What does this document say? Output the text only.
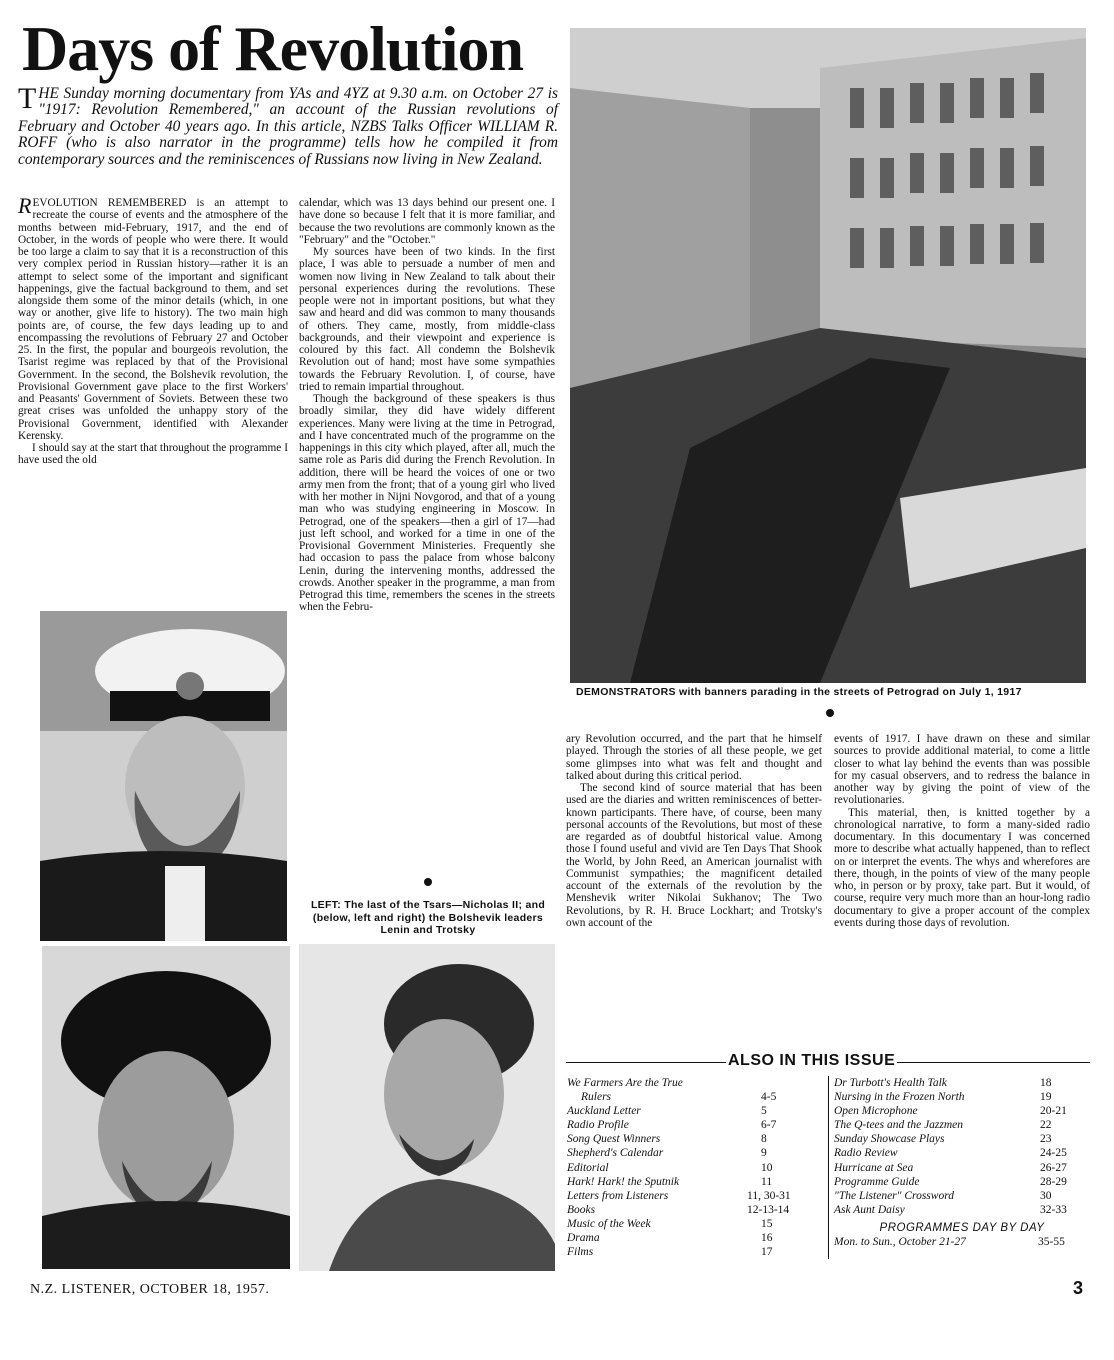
Days of Revolution
THE Sunday morning documentary from YAs and 4YZ at 9.30 a.m. on October 27 is "1917: Revolution Remembered," an account of the Russian revolutions of February and October 40 years ago. In this article, NZBS Talks Officer WILLIAM R. ROFF (who is also narrator in the programme) tells how he compiled it from contemporary sources and the reminiscences of Russians now living in New Zealand.

REVOLUTION REMEMBERED is an attempt to recreate the course of events and the atmosphere of the months between mid-February, 1917, and the end of October, in the words of people who were there. It would be too large a claim to say that it is a reconstruction of this very complex period in Russian history—rather it is an attempt to select some of the important and significant happenings, give the factual background to them, and set alongside them some of the minor details (which, in one way or another, give life to history). The two main high points are, of course, the few days leading up to and encompassing the revolutions of February 27 and October 25. In the first, the popular and bourgeois revolution, the Tsarist regime was replaced by that of the Provisional Government. In the second, the Bolshevik revolution, the Provisional Government gave place to the first Workers' and Peasants' Government of Soviets. Between these two great crises was unfolded the unhappy story of the Provisional Government, identified with Alexander Kerensky.

I should say at the start that throughout the programme I have used the old

calendar, which was 13 days behind our present one. I have done so because I felt that it is more familiar, and because the two revolutions are commonly known as the "February" and the "October."

My sources have been of two kinds. In the first place, I was able to persuade a number of men and women now living in New Zealand to talk about their personal experiences during the revolutions. These people were not in important positions, but what they saw and heard and did was common to many thousands of others. They came, mostly, from middle-class backgrounds, and their viewpoint and experience is coloured by this fact. All condemn the Bolshevik Revolution out of hand; most have some sympathies towards the February Revolution. I, of course, have tried to remain impartial throughout.

Though the background of these speakers is thus broadly similar, they did have widely different experiences. Many were living at the time in Petrograd, and I have concentrated much of the programme on the happenings in this city which played, after all, much the same role as Paris did during the French Revolution. In addition, there will be heard the voices of one or two army men from the front; that of a young girl who lived with her mother in Nijni Novgorod, and that of a young man who was studying engineering in Moscow. In Petrograd, one of the speakers—then a girl of 17—had just left school, and worked for a time in one of the Provisional Government Ministeries. Frequently she had occasion to pass the palace from whose balcony Lenin, during the intervening months, addressed the crowds. Another speaker in the programme, a man from Petrograd this time, remembers the scenes in the streets when the Febru-

LEFT: The last of the Tsars—Nicholas II; and (below, left and right) the Bolshevik leaders Lenin and Trotsky
DEMONSTRATORS with banners parading in the streets of Petrograd on July 1, 1917

ary Revolution occurred, and the part that he himself played. Through the stories of all these people, we get some glimpses into what was felt and thought and talked about during this critical period.

The second kind of source material that has been used are the diaries and written reminiscences of better-known participants. There have, of course, been many personal accounts of the Revolutions, but most of these are regarded as of doubtful historical value. Among those I found useful and vivid are Ten Days That Shook the World, by John Reed, an American journalist with Communist sympathies; the magnificent detailed account of the externals of the revolution by the Menshevik writer Nikolai Sukhanov; The Two Revolutions, by R. H. Bruce Lockhart; and Trotsky's own account of the

events of 1917. I have drawn on these and similar sources to provide additional material, to come a little closer to what lay behind the events than was possible for my casual observers, and to redress the balance in another way by giving the point of view of the revolutionaries.

This material, then, is knitted together by a chronological narrative, to form a many-sided radio documentary. In this documentary I was concerned more to describe what actually happened, than to reflect on or interpret the events. The whys and wherefores are there, though, in the points of view of the many people who, in person or by proxy, take part. But it would, of course, require very much more than an hour-long radio documentary to give a proper account of the complex events during those days of revolution.

ALSO IN THIS ISSUE
We Farmers Are the True
Rulers	4-5
Auckland Letter	5
Radio Profile	6-7
Song Quest Winners	8
Shepherd's Calendar	9
Editorial	10
Hark! Hark! the Sputnik	11
Letters from Listeners	11, 30-31
Books	12-13-14
Music of the Week	15
Drama	16
Films	17
Dr Turbott's Health Talk	18
Nursing in the Frozen North	19
Open Microphone	20-21
The Q-tees and the Jazzmen	22
Sunday Showcase Plays	23
Radio Review	24-25
Hurricane at Sea	26-27
Programme Guide	28-29
"The Listener" Crossword	30
Ask Aunt Daisy	32-33
PROGRAMMES DAY BY DAY
Mon. to Sun., October 21-27	35-55
N.Z. LISTENER, OCTOBER 18, 1957.	3
